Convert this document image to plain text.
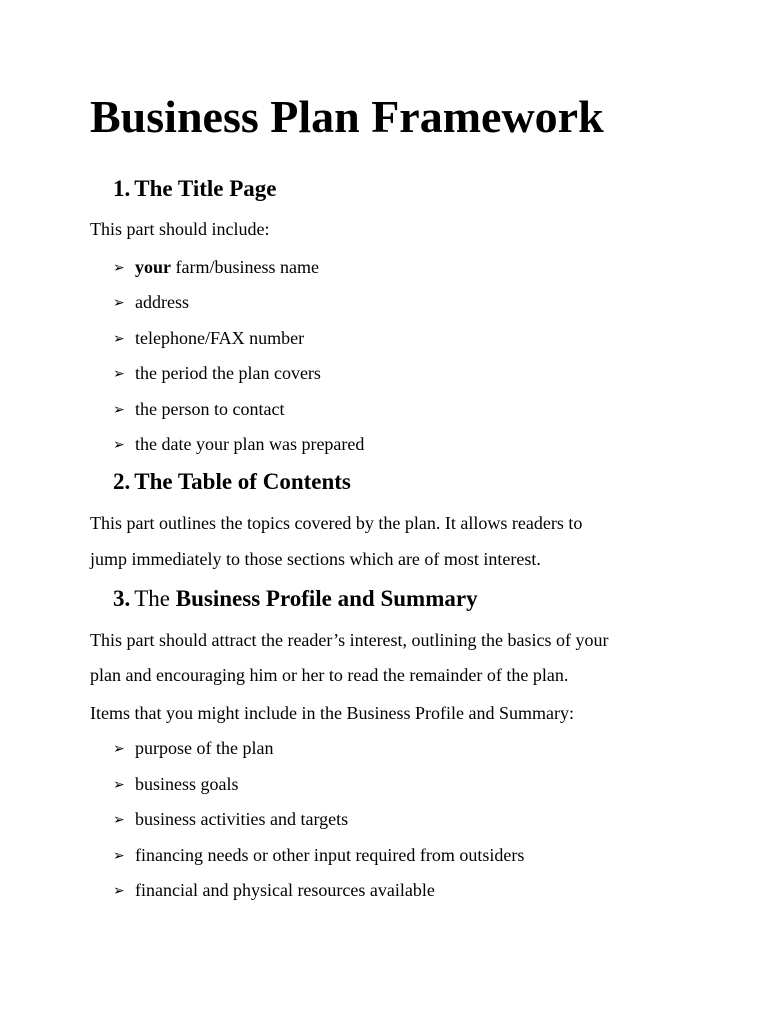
Business Plan Framework
1. The Title Page

This part should include:

➢ your farm/business name
➢ address
➢ telephone/FAX number
➢ the period the plan covers
➢ the person to contact
➢ the date your plan was prepared
2. The Table of Contents

This part outlines the topics covered by the plan. It allows readers to

jump immediately to those sections which are of most interest.

3. The Business Profile and Summary

This part should attract the reader’s interest, outlining the basics of your

plan and encouraging him or her to read the remainder of the plan.

Items that you might include in the Business Profile and Summary:

➢ purpose of the plan
➢ business goals
➢ business activities and targets
➢ financing needs or other input required from outsiders
➢ financial and physical resources available
